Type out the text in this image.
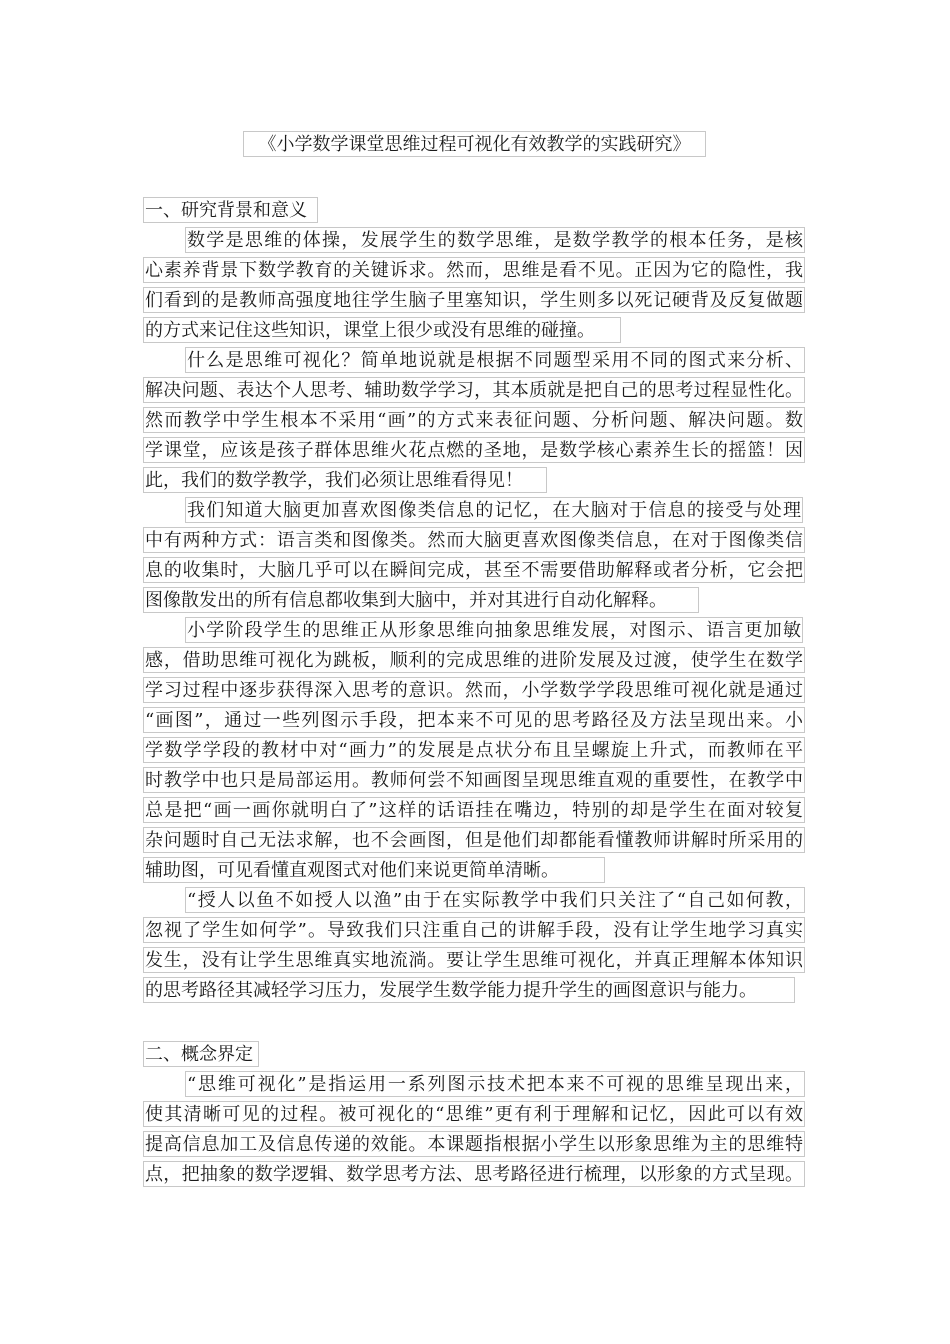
《小学数学课堂思维过程可视化有效教学的实践研究》
一、研究背景和意义
数学是思维的体操，发展学生的数学思维，是数学教学的根本任务，是核
心素养背景下数学教育的关键诉求。然而，思维是看不见。正因为它的隐性，我
们看到的是教师高强度地往学生脑子里塞知识，学生则多以死记硬背及反复做题
的方式来记住这些知识，课堂上很少或没有思维的碰撞。
什么是思维可视化？简单地说就是根据不同题型采用不同的图式来分析、
解决问题、表达个人思考、辅助数学学习，其本质就是把自己的思考过程显性化。
然而教学中学生根本不采用“画”的方式来表征问题、分析问题、解决问题。数
学课堂，应该是孩子群体思维火花点燃的圣地，是数学核心素养生长的摇篮！因
此，我们的数学教学，我们必须让思维看得见！
我们知道大脑更加喜欢图像类信息的记忆，在大脑对于信息的接受与处理
中有两种方式：语言类和图像类。然而大脑更喜欢图像类信息，在对于图像类信
息的收集时，大脑几乎可以在瞬间完成，甚至不需要借助解释或者分析，它会把
图像散发出的所有信息都收集到大脑中，并对其进行自动化解释。
小学阶段学生的思维正从形象思维向抽象思维发展，对图示、语言更加敏
感，借助思维可视化为跳板，顺利的完成思维的进阶发展及过渡，使学生在数学
学习过程中逐步获得深入思考的意识。然而，小学数学学段思维可视化就是通过
“画图”，通过一些列图示手段，把本来不可见的思考路径及方法呈现出来。小
学数学学段的教材中对“画力”的发展是点状分布且呈螺旋上升式，而教师在平
时教学中也只是局部运用。教师何尝不知画图呈现思维直观的重要性，在教学中
总是把“画一画你就明白了”这样的话语挂在嘴边，特别的却是学生在面对较复
杂问题时自己无法求解，也不会画图，但是他们却都能看懂教师讲解时所采用的
辅助图，可见看懂直观图式对他们来说更简单清晰。
“授人以鱼不如授人以渔”由于在实际教学中我们只关注了“自己如何教，
忽视了学生如何学”。导致我们只注重自己的讲解手段，没有让学生地学习真实
发生，没有让学生思维真实地流淌。要让学生思维可视化，并真正理解本体知识
的思考路径其减轻学习压力，发展学生数学能力提升学生的画图意识与能力。
二、概念界定
“思维可视化”是指运用一系列图示技术把本来不可视的思维呈现出来，
使其清晰可见的过程。被可视化的“思维”更有利于理解和记忆，因此可以有效
提高信息加工及信息传递的效能。本课题指根据小学生以形象思维为主的思维特
点，把抽象的数学逻辑、数学思考方法、思考路径进行梳理，以形象的方式呈现。
